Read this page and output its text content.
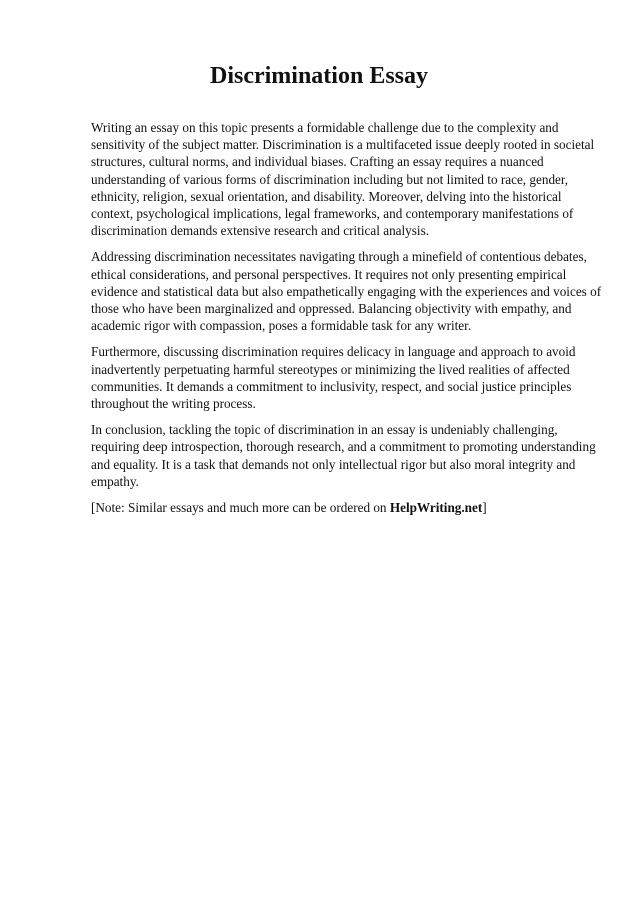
Discrimination Essay

Writing an essay on this topic presents a formidable challenge due to the complexity and
sensitivity of the subject matter. Discrimination is a multifaceted issue deeply rooted in societal
structures, cultural norms, and individual biases. Crafting an essay requires a nuanced
understanding of various forms of discrimination including but not limited to race, gender,
ethnicity, religion, sexual orientation, and disability. Moreover, delving into the historical
context, psychological implications, legal frameworks, and contemporary manifestations of
discrimination demands extensive research and critical analysis.

Addressing discrimination necessitates navigating through a minefield of contentious debates,
ethical considerations, and personal perspectives. It requires not only presenting empirical
evidence and statistical data but also empathetically engaging with the experiences and voices of
those who have been marginalized and oppressed. Balancing objectivity with empathy, and
academic rigor with compassion, poses a formidable task for any writer.

Furthermore, discussing discrimination requires delicacy in language and approach to avoid
inadvertently perpetuating harmful stereotypes or minimizing the lived realities of affected
communities. It demands a commitment to inclusivity, respect, and social justice principles
throughout the writing process.

In conclusion, tackling the topic of discrimination in an essay is undeniably challenging,
requiring deep introspection, thorough research, and a commitment to promoting understanding
and equality. It is a task that demands not only intellectual rigor but also moral integrity and
empathy.

[Note: Similar essays and much more can be ordered on HelpWriting.net]
